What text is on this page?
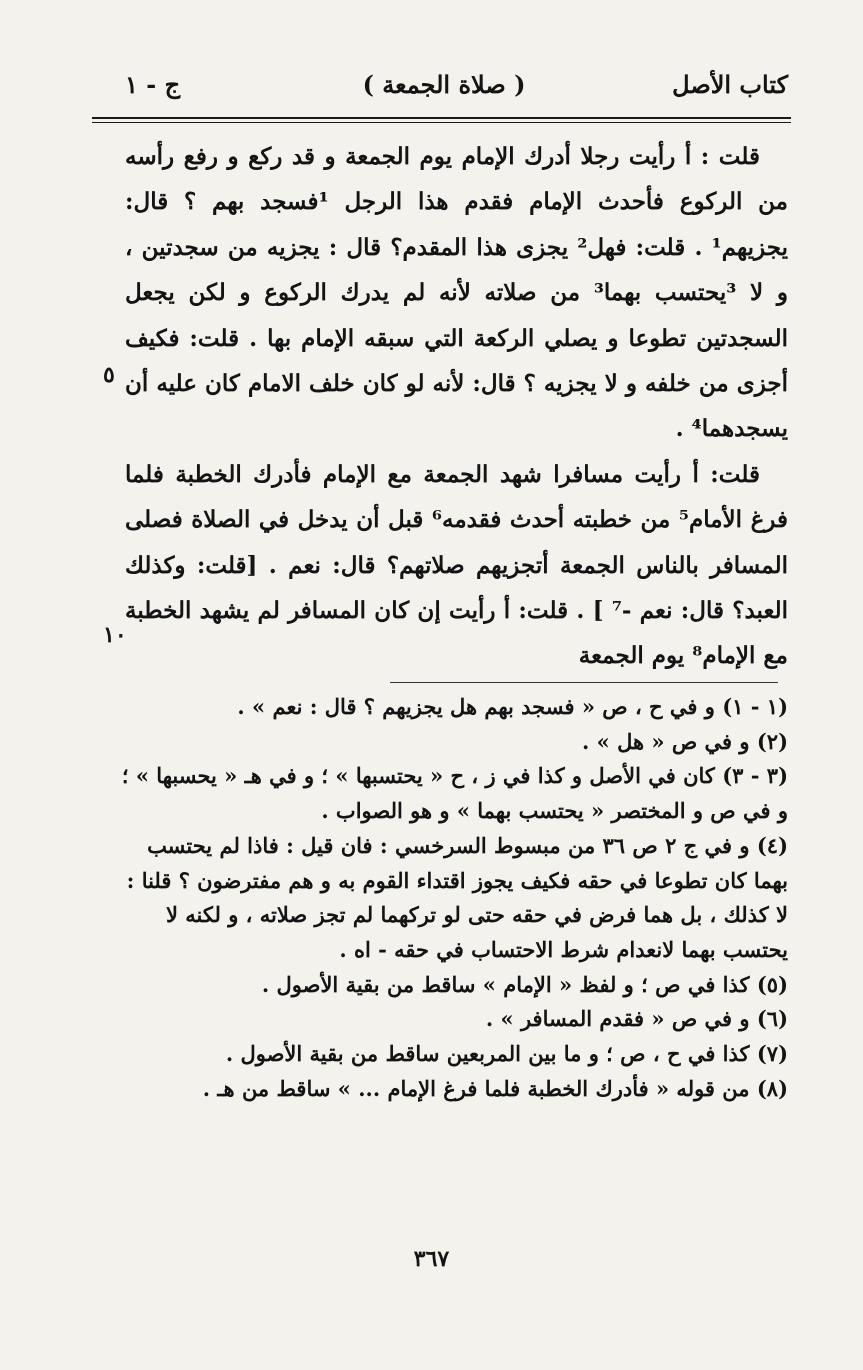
كتاب الأصل
( صلاة الجمعة )
ج - ١

قلت : أ رأيت رجلا أدرك الإمام يوم الجمعة و قد ركع و رفع رأسه من الركوع فأحدث الإمام فقدم هذا الرجل ¹فسجد بهم ؟ قال: يجزيهم¹ . قلت: فهل² يجزى هذا المقدم؟ قال : يجزيه من سجدتين ، و لا ³يحتسب بهما³ من صلاته لأنه لم يدرك الركوع و لكن يجعل السجدتين تطوعا و يصلي الركعة التي سبقه الإمام بها . قلت: فكيف أجزى من خلفه و لا يجزيه ؟ قال: لأنه لو كان خلف الامام كان عليه أن يسجدهما⁴ .

قلت: أ رأيت مسافرا شهد الجمعة مع الإمام فأدرك الخطبة فلما فرغ الأمام⁵ من خطبته أحدث فقدمه⁶ قبل أن يدخل في الصلاة فصلى المسافر بالناس الجمعة أتجزيهم صلاتهم؟ قال: نعم . [قلت: وكذلك العبد؟ قال: نعم -⁷ ] . قلت: أ رأيت إن كان المسافر لم يشهد الخطبة مع الإمام⁸ يوم الجمعة

٥
١٠

(١ - ١) و في ح ، ص « فسجد بهم هل يجزيهم ؟ قال : نعم » .

(٢) و في ص « هل » .

(٣ - ٣) كان في الأصل و كذا في ز ، ح « يحتسبها » ؛ و في هـ « يحسبها » ؛ و في ص و المختصر « يحتسب بهما » و هو الصواب .

(٤) و في ج ٢ ص ٣٦ من مبسوط السرخسي : فان قيل : فاذا لم يحتسب بهما كان تطوعا في حقه فكيف يجوز اقتداء القوم به و هم مفترضون ؟ قلنا : لا كذلك ، بل هما فرض في حقه حتى لو تركهما لم تجز صلاته ، و لكنه لا يحتسب بهما لانعدام شرط الاحتساب في حقه - اه .

(٥) كذا في ص ؛ و لفظ « الإمام » ساقط من بقية الأصول .

(٦) و في ص « فقدم المسافر » .

(٧) كذا في ح ، ص ؛ و ما بين المربعين ساقط من بقية الأصول .

(٨) من قوله « فأدرك الخطبة فلما فرغ الإمام ... » ساقط من هـ .

٣٦٧
